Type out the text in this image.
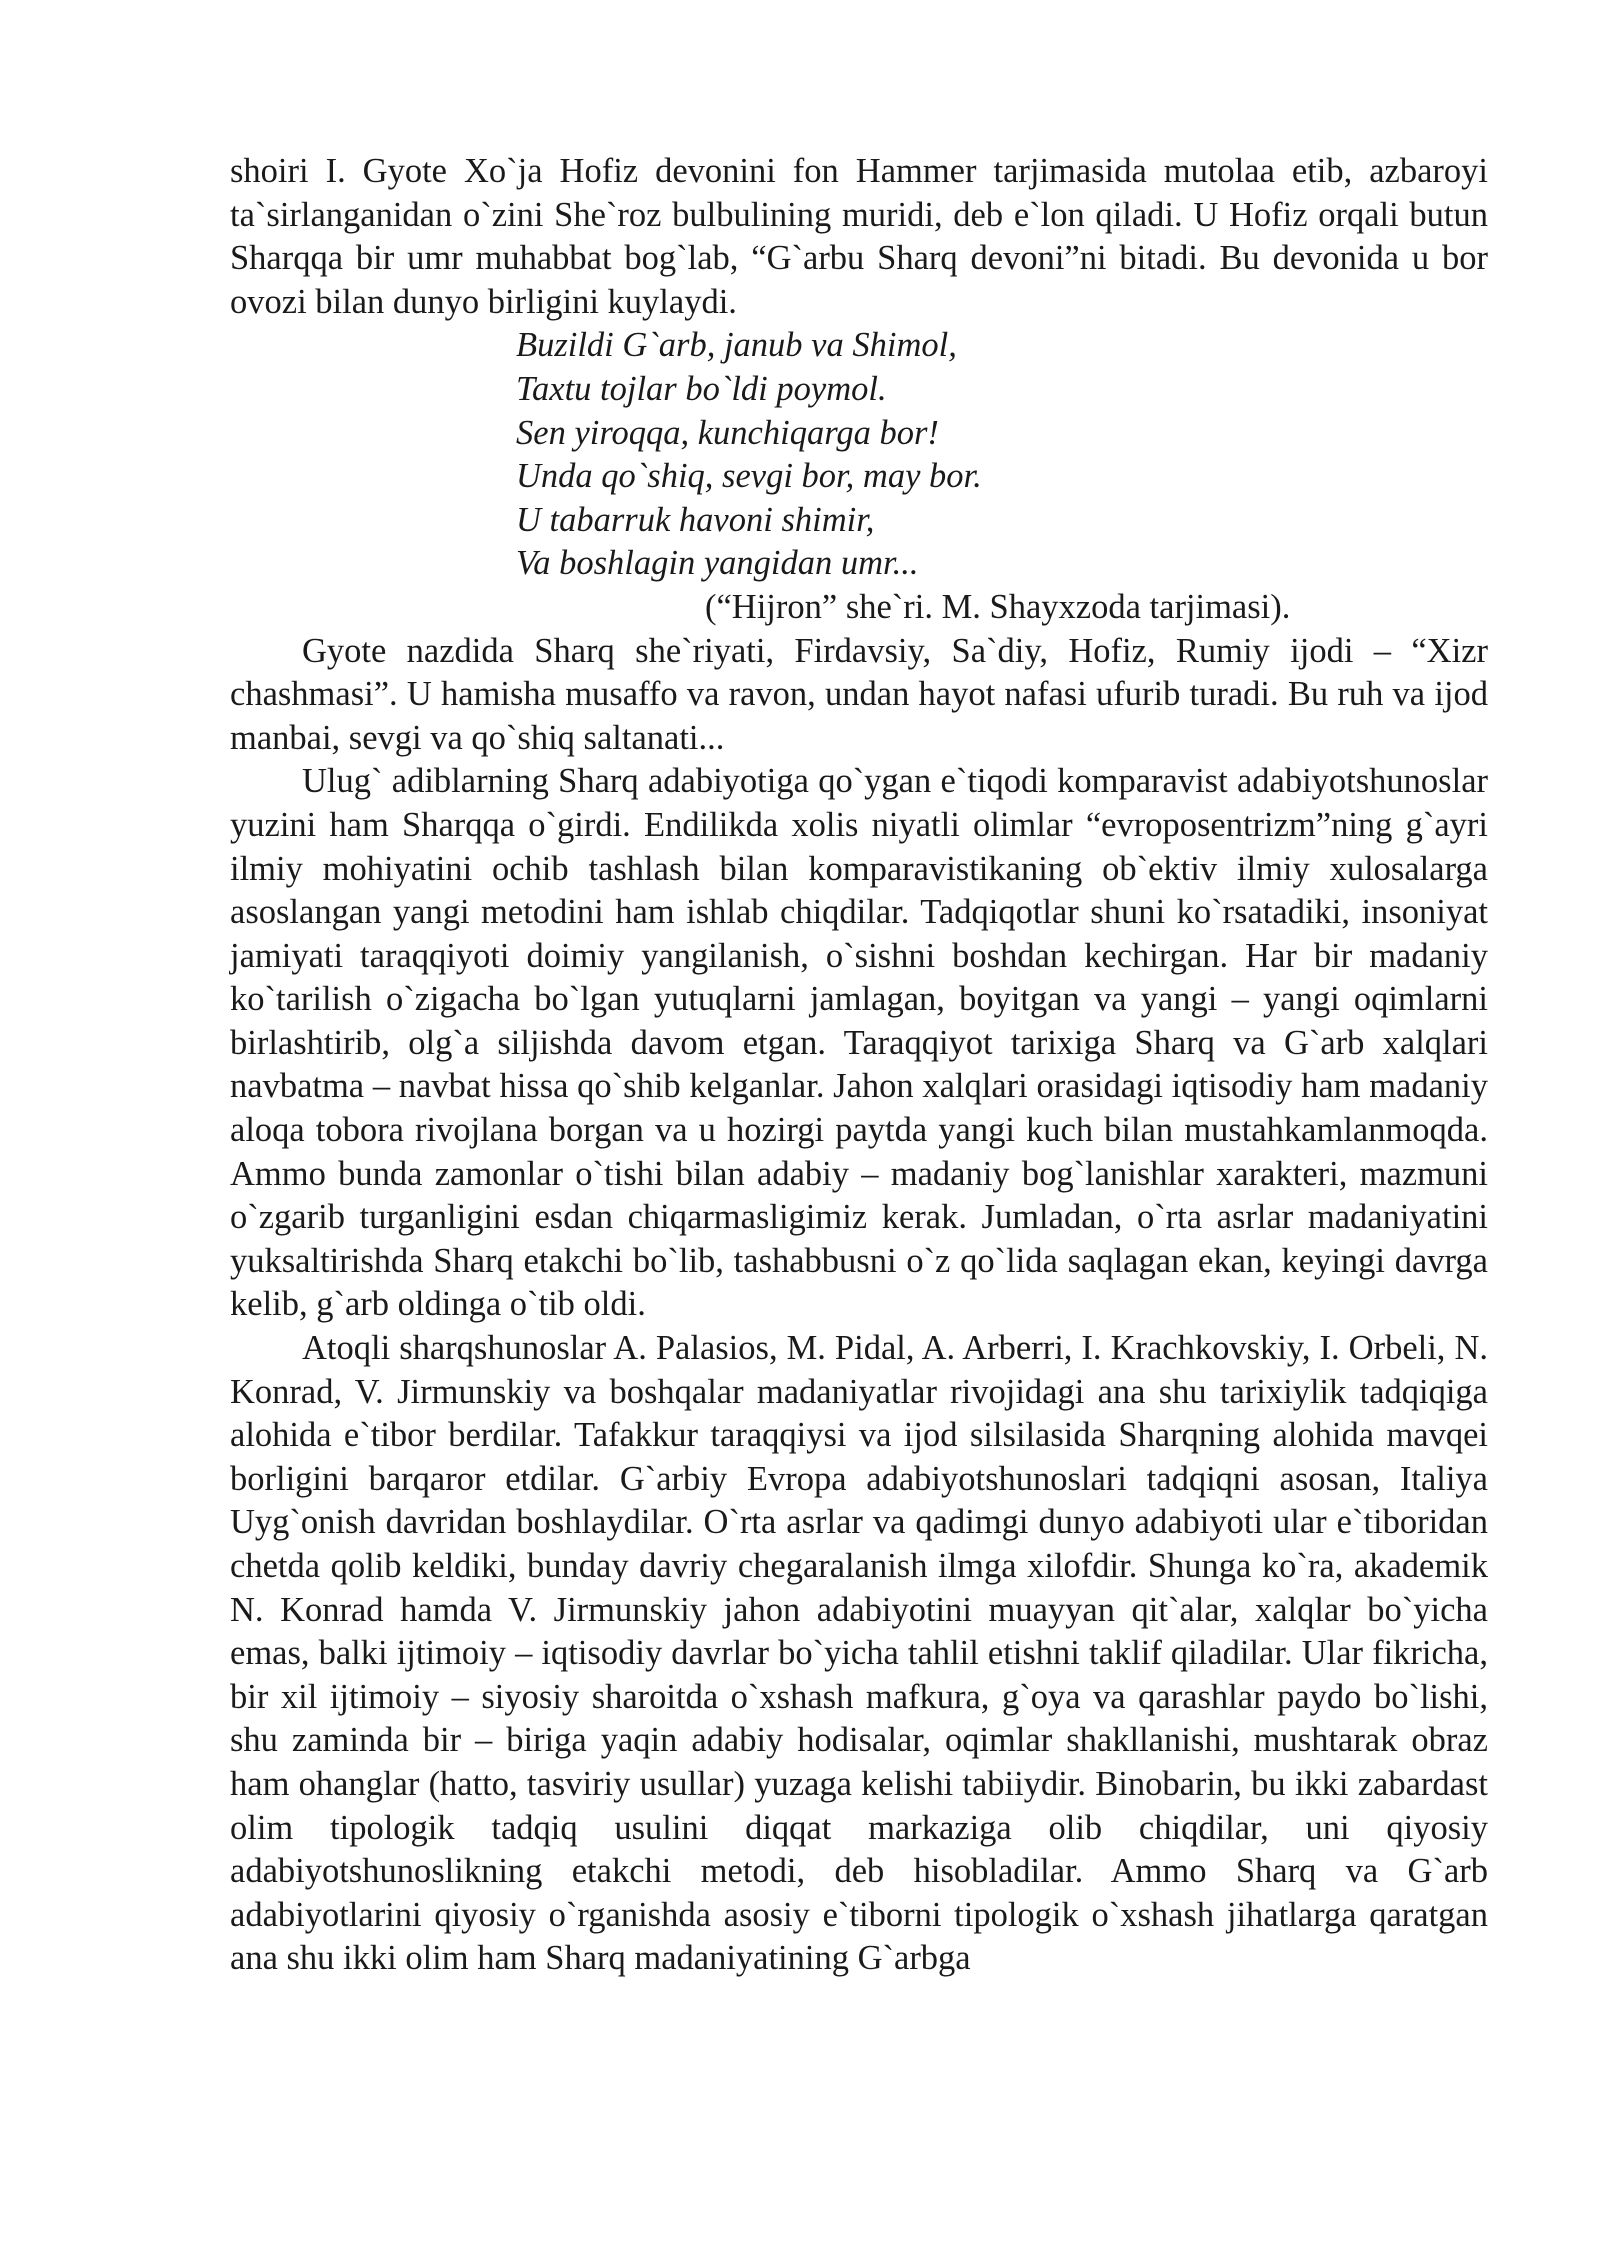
shoiri I. Gyote Xo`ja Hofiz devonini fon Hammer tarjimasida mutolaa etib, azbaroyi ta`sirlanganidan o`zini She`roz bulbulining muridi, deb e`lon qiladi. U Hofiz orqali butun Sharqqa bir umr muhabbat bog`lab, “G`arbu Sharq devoni”ni bitadi. Bu devonida u bor ovozi bilan dunyo birligini kuylaydi.

Buzildi G`arb, janub va Shimol,
Taxtu tojlar bo`ldi poymol.
Sen yiroqqa, kunchiqarga bor!
Unda qo`shiq, sevgi bor, may bor.
U tabarruk havoni shimir,
Va boshlagin yangidan umr...

(“Hijron” she`ri. M. Shayxzoda tarjimasi).

Gyote nazdida Sharq she`riyati, Firdavsiy, Sa`diy, Hofiz, Rumiy ijodi – “Xizr chashmasi”. U hamisha musaffo va ravon, undan hayot nafasi ufurib turadi. Bu ruh va ijod manbai, sevgi va qo`shiq saltanati...

Ulug` adiblarning Sharq adabiyotiga qo`ygan e`tiqodi komparavist adabiyotshunoslar yuzini ham Sharqqa o`girdi. Endilikda xolis niyatli olimlar “evroposentrizm”ning g`ayri ilmiy mohiyatini ochib tashlash bilan komparavistikaning ob`ektiv ilmiy xulosalarga asoslangan yangi metodini ham ishlab chiqdilar. Tadqiqotlar shuni ko`rsatadiki, insoniyat jamiyati taraqqiyoti doimiy yangilanish, o`sishni boshdan kechirgan. Har bir madaniy ko`tarilish o`zigacha bo`lgan yutuqlarni jamlagan, boyitgan va yangi – yangi oqimlarni birlashtirib, olg`a siljishda davom etgan. Taraqqiyot tarixiga Sharq va G`arb xalqlari navbatma – navbat hissa qo`shib kelganlar. Jahon xalqlari orasidagi iqtisodiy ham madaniy aloqa tobora rivojlana borgan va u hozirgi paytda yangi kuch bilan mustahkamlanmoqda. Ammo bunda zamonlar o`tishi bilan adabiy – madaniy bog`lanishlar xarakteri, mazmuni o`zgarib turganligini esdan chiqarmasligimiz kerak. Jumladan, o`rta asrlar madaniyatini yuksaltirishda Sharq etakchi bo`lib, tashabbusni o`z qo`lida saqlagan ekan, keyingi davrga kelib, g`arb oldinga o`tib oldi.

Atoqli sharqshunoslar A. Palasios, M. Pidal, A. Arberri, I. Krachkovskiy, I. Orbeli, N. Konrad, V. Jirmunskiy va boshqalar madaniyatlar rivojidagi ana shu tarixiylik tadqiqiga alohida e`tibor berdilar. Tafakkur taraqqiysi va ijod silsilasida Sharqning alohida mavqei borligini barqaror etdilar. G`arbiy Evropa adabiyotshunoslari tadqiqni asosan, Italiya Uyg`onish davridan boshlaydilar. O`rta asrlar va qadimgi dunyo adabiyoti ular e`tiboridan chetda qolib keldiki, bunday davriy chegaralanish ilmga xilofdir. Shunga ko`ra, akademik N. Konrad hamda V. Jirmunskiy jahon adabiyotini muayyan qit`alar, xalqlar bo`yicha emas, balki ijtimoiy – iqtisodiy davrlar bo`yicha tahlil etishni taklif qiladilar. Ular fikricha, bir xil ijtimoiy – siyosiy sharoitda o`xshash mafkura, g`oya va qarashlar paydo bo`lishi, shu zaminda bir – biriga yaqin adabiy hodisalar, oqimlar shakllanishi, mushtarak obraz ham ohanglar (hatto, tasviriy usullar) yuzaga kelishi tabiiydir. Binobarin, bu ikki zabardast olim tipologik tadqiq usulini diqqat markaziga olib chiqdilar, uni qiyosiy adabiyotshunoslikning etakchi metodi, deb hisobladilar. Ammo Sharq va G`arb adabiyotlarini qiyosiy o`rganishda asosiy e`tiborni tipologik o`xshash jihatlarga qaratgan ana shu ikki olim ham Sharq madaniyatining G`arbga
